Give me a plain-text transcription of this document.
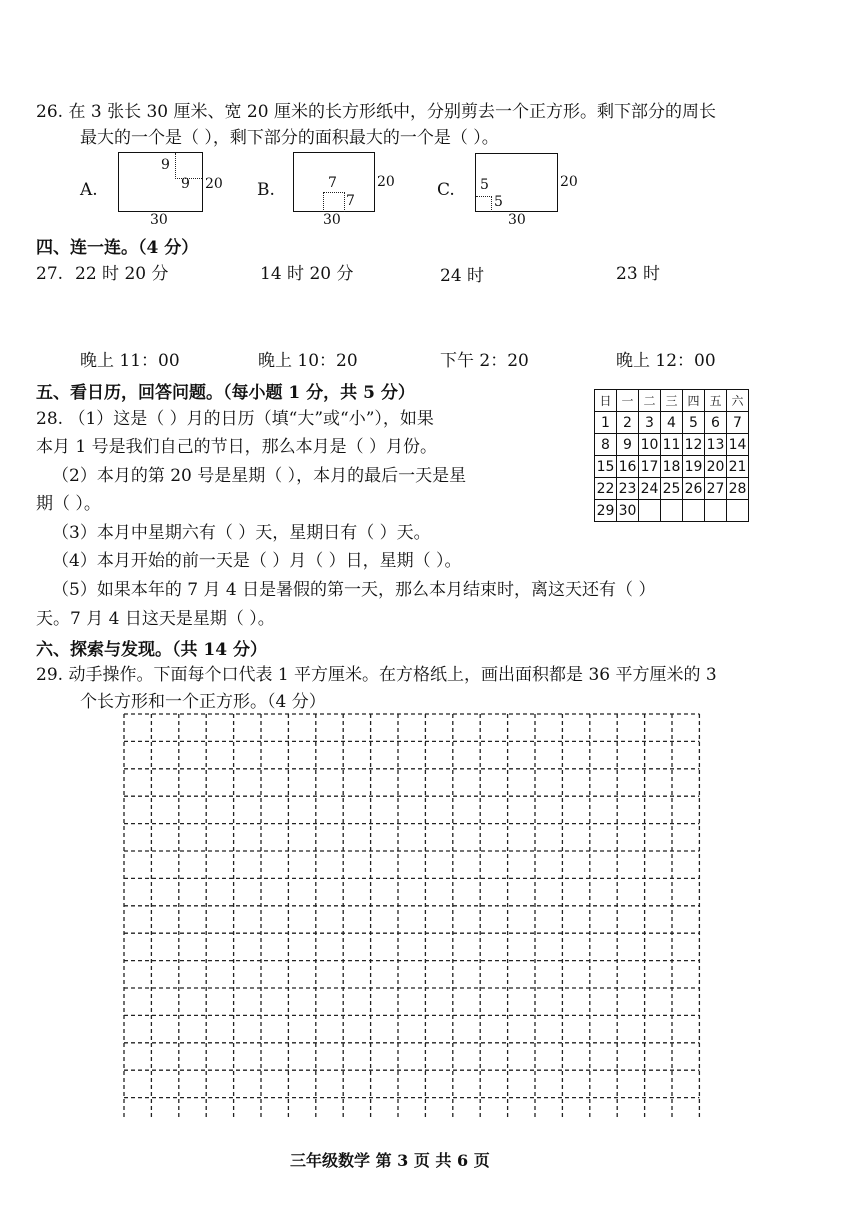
26. 在 3 张长 30 厘米、宽 20 厘米的长方形纸中，分别剪去一个正方形。剩下部分的周长
最大的一个是（ ），剩下部分的面积最大的一个是（ ）。
A.
9
9 20
30
B.	7
7
20
30
C. 5
5
20
30
四、连一连。（4 分）
27. 22 时 20 分	14 时 20 分	24 时	23 时
晚上 11：00	晚上 10：20	下午 2：20	晚上 12：00
五、看日历，回答问题。（每小题 1 分，共 5 分）
28. （1）这是（ ）月的日历（填“大”或“小”），如果
本月 1 号是我们自己的节日，那么本月是（ ）月份。
（2）本月的第 20 号是星期（ ），本月的最后一天是星
期（ ）。
（3）本月中星期六有（ ）天，星期日有（ ）天。
（4）本月开始的前一天是（ ）月（ ）日，星期（ ）。
（5）如果本年的 7 月 4 日是暑假的第一天，那么本月结束时，离这天还有（ ）
天。7 月 4 日这天是星期（ ）。
日	一	二	三	四	五	六
1	2	3	4	5	6	7
8	9	10	11	12	13	14
15	16	17	18	19	20	21
22	23	24	25	26	27	28
29	30					
六、探索与发现。（共 14 分）
29. 动手操作。下面每个口代表 1 平方厘米。在方格纸上，画出面积都是 36 平方厘米的 3
个长方形和一个正方形。（4 分）
三年级数学 第 3 页 共 6 页
